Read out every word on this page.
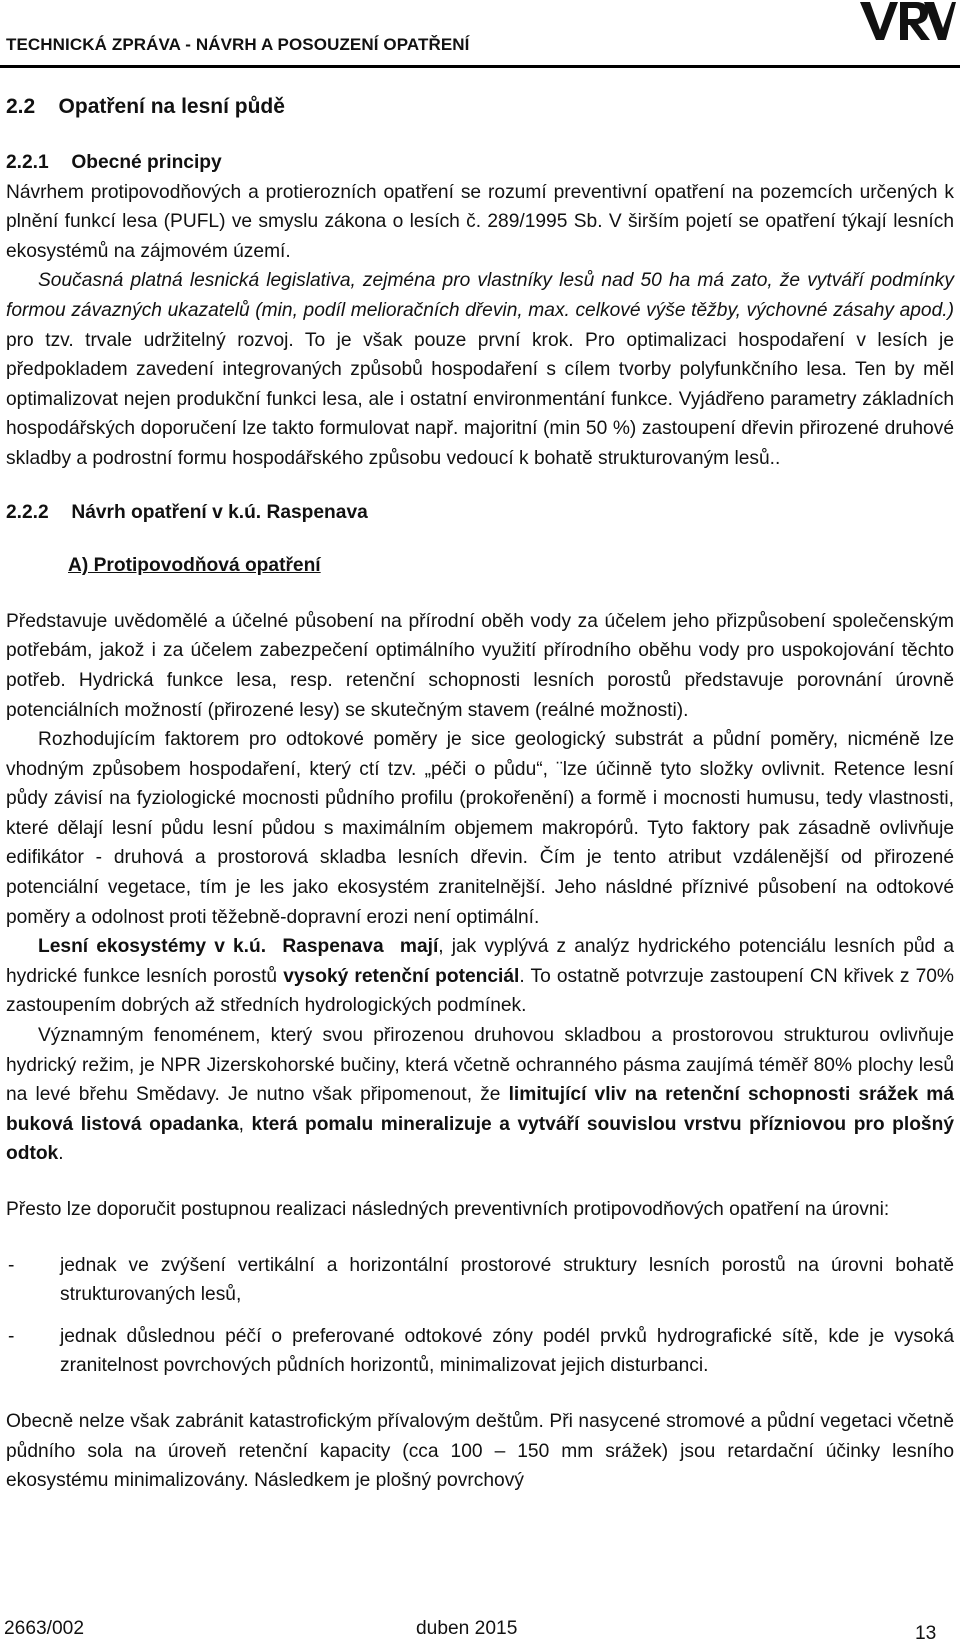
TECHNICKÁ ZPRÁVA - NÁVRH A POSOUZENÍ OPATŘENÍ
2.2 Opatření na lesní půdě
2.2.1 Obecné principy

Návrhem protipovodňových a protierozních opatření se rozumí preventivní opatření na pozemcích určených k plnění funkcí lesa (PUFL) ve smyslu zákona o lesích č. 289/1995 Sb. V širším pojetí se opatření týkají lesních ekosystémů na zájmovém území.

Současná platná lesnická legislativa, zejména pro vlastníky lesů nad 50 ha má zato, že vytváří podmínky formou závazných ukazatelů (min, podíl melioračních dřevin, max. celkové výše těžby, výchovné zásahy apod.) pro tzv. trvale udržitelný rozvoj. To je však pouze první krok. Pro optimalizaci hospodaření v lesích je předpokladem zavedení integrovaných způsobů hospodaření s cílem tvorby polyfunkčního lesa. Ten by měl optimalizovat nejen produkční funkci lesa, ale i ostatní environmentání funkce. Vyjádřeno parametry základních hospodářských doporučení lze takto formulovat např. majoritní (min 50 %) zastoupení dřevin přirozené druhové skladby a podrostní formu hospodářského způsobu vedoucí k bohatě strukturovaným lesů..

2.2.2 Návrh opatření v k.ú. Raspenava
A) Protipovodňová opatření

Představuje uvědomělé a účelné působení na přírodní oběh vody za účelem jeho přizpůsobení společenským potřebám, jakož i za účelem zabezpečení optimálního využití přírodního oběhu vody pro uspokojování těchto potřeb. Hydrická funkce lesa, resp. retenční schopnosti lesních porostů představuje porovnání úrovně potenciálních možností (přirozené lesy) se skutečným stavem (reálné možnosti).

Rozhodujícím faktorem pro odtokové poměry je sice geologický substrát a půdní poměry, nicméně lze vhodným způsobem hospodaření, který ctí tzv. „péči o půdu“, ¨lze účinně tyto složky ovlivnit. Retence lesní půdy závisí na fyziologické mocnosti půdního profilu (prokořenění) a formě i mocnosti humusu, tedy vlastnosti, které dělají lesní půdu lesní půdou s maximálním objemem makropórů. Tyto faktory pak zásadně ovlivňuje edifikátor - druhová a prostorová skladba lesních dřevin. Čím je tento atribut vzdálenější od přirozené potenciální vegetace, tím je les jako ekosystém zranitelnější. Jeho násldné příznivé působení na odtokové poměry a odolnost proti těžebně-dopravní erozi není optimální.

Lesní ekosystémy v k.ú. Raspenava mají, jak vyplývá z analýz hydrického potenciálu lesních půd a hydrické funkce lesních porostů vysoký retenční potenciál. To ostatně potvrzuje zastoupení CN křivek z 70% zastoupením dobrých až středních hydrologických podmínek.

Významným fenoménem, který svou přirozenou druhovou skladbou a prostorovou strukturou ovlivňuje hydrický režim, je NPR Jizerskohorské bučiny, která včetně ochranného pásma zaujímá téměř 80% plochy lesů na levé břehu Smědavy. Je nutno však připomenout, že limitující vliv na retenční schopnosti srážek má buková listová opadanka, která pomalu mineralizuje a vytváří souvislou vrstvu přízniovou pro plošný odtok.

Přesto lze doporučit postupnou realizaci následných preventivních protipovodňových opatření na úrovni:

-	jednak ve zvýšení vertikální a horizontální prostorové struktury lesních porostů na úrovni bohatě strukturovaných lesů,
-	jednak důslednou péčí o preferované odtokové zóny podél prvků hydrografické sítě, kde je vysoká zranitelnost povrchových půdních horizontů, minimalizovat jejich disturbanci.

Obecně nelze však zabránit katastrofickým přívalovým deštům. Při nasycené stromové a půdní vegetaci včetně půdního sola na úroveň retenční kapacity (cca 100 – 150 mm srážek) jsou retardační účinky lesního ekosystému minimalizovány. Následkem je plošný povrchový

2663/002	duben 2015	13
